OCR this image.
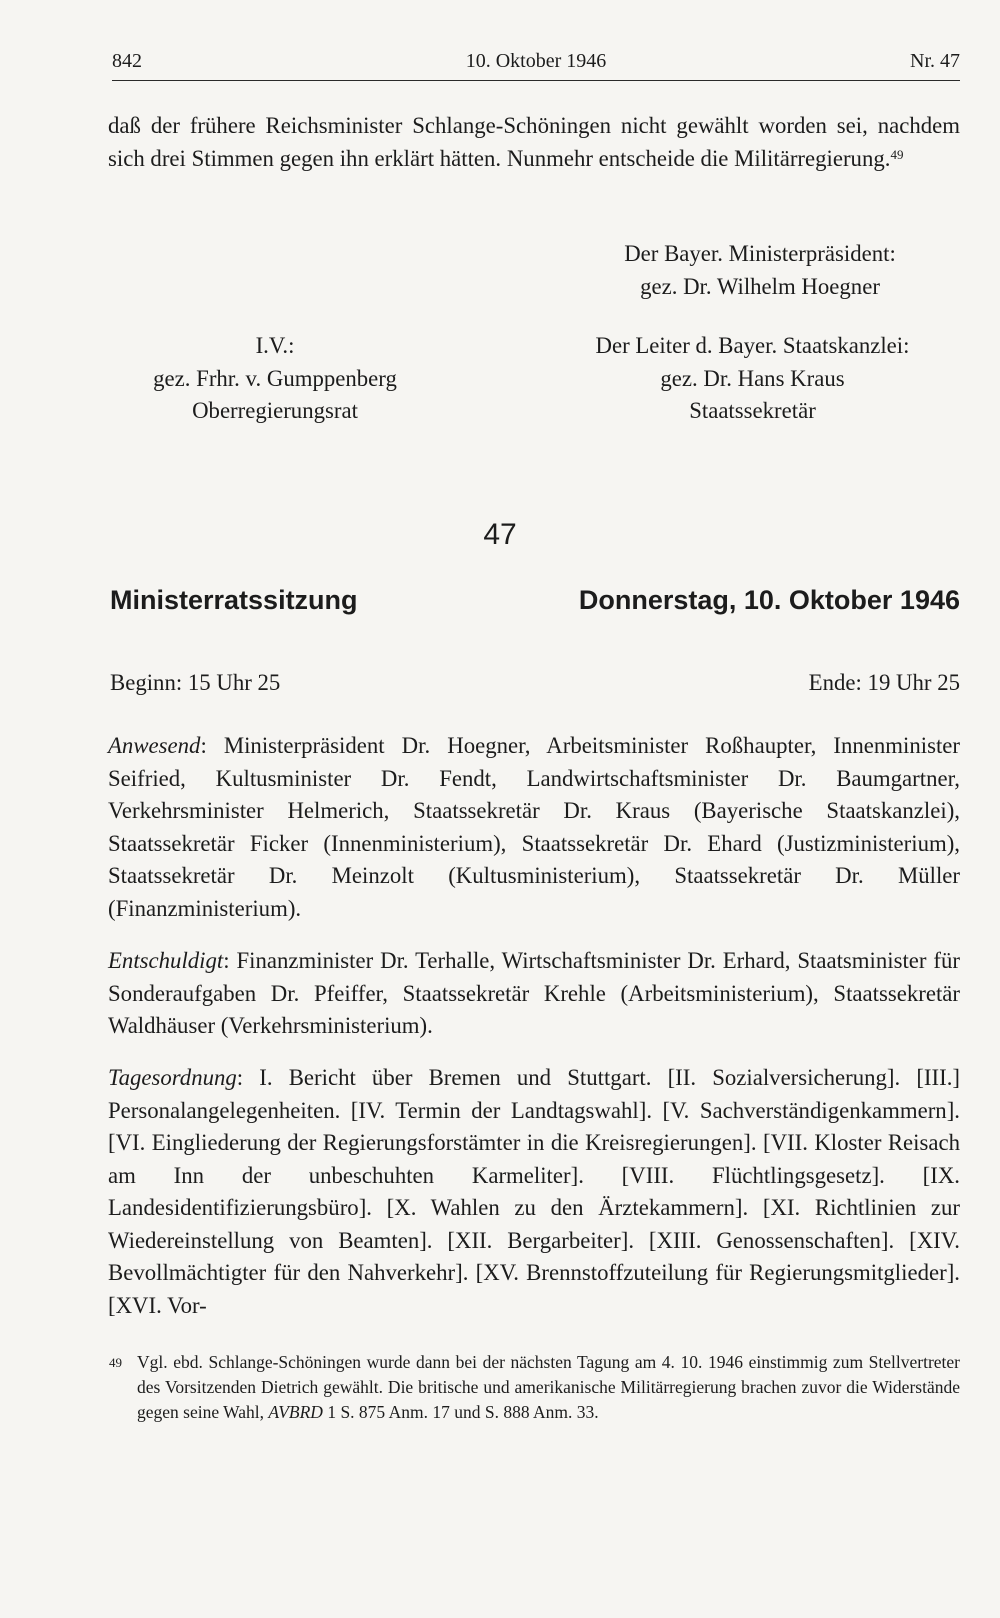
842	10. Oktober 1946	Nr. 47

daß der frühere Reichsminister Schlange-Schöningen nicht gewählt worden sei, nachdem sich drei Stimmen gegen ihn erklärt hätten. Nunmehr entscheide die Militärregierung.$^{49}$

Der Bayer. Ministerpräsident:
gez. Dr. Wilhelm Hoegner
I.V.:
gez. Frhr. v. Gumppenberg
Oberregierungsrat
Der Leiter d. Bayer. Staatskanzlei:
gez. Dr. Hans Kraus
Staatssekretär
47
Ministerratssitzung	Donnerstag, 10. Oktober 1946
Beginn: 15 Uhr 25	Ende: 19 Uhr 25

Anwesend: Ministerpräsident Dr. Hoegner, Arbeitsminister Roßhaupter, Innenminister Seifried, Kultusminister Dr. Fendt, Landwirtschaftsminister Dr. Baumgartner, Verkehrsminister Helmerich, Staatssekretär Dr. Kraus (Bayerische Staatskanzlei), Staatssekretär Ficker (Innenministerium), Staatssekretär Dr. Ehard (Justizministerium), Staatssekretär Dr. Meinzolt (Kultusministerium), Staatssekretär Dr. Müller (Finanzministerium).

Entschuldigt: Finanzminister Dr. Terhalle, Wirtschaftsminister Dr. Erhard, Staatsminister für Sonderaufgaben Dr. Pfeiffer, Staatssekretär Krehle (Arbeitsministerium), Staatssekretär Waldhäuser (Verkehrsministerium).

Tagesordnung: I. Bericht über Bremen und Stuttgart. [II. Sozialversicherung]. [III.] Personalangelegenheiten. [IV. Termin der Landtagswahl]. [V. Sachverständigenkammern]. [VI. Eingliederung der Regierungsforstämter in die Kreisregierungen]. [VII. Kloster Reisach am Inn der unbeschuhten Karmeliter]. [VIII. Flüchtlingsgesetz]. [IX. Landesidentifizierungsbüro]. [X. Wahlen zu den Ärztekammern]. [XI. Richtlinien zur Wiedereinstellung von Beamten]. [XII. Bergarbeiter]. [XIII. Genossenschaften]. [XIV. Bevollmächtigter für den Nahverkehr]. [XV. Brennstoffzuteilung für Regierungsmitglieder]. [XVI. Vor-

49 Vgl. ebd. Schlange-Schöningen wurde dann bei der nächsten Tagung am 4. 10. 1946 einstimmig zum Stellvertreter des Vorsitzenden Dietrich gewählt. Die britische und amerikanische Militärregierung brachen zuvor die Widerstände gegen seine Wahl, AVBRD 1 S. 875 Anm. 17 und S. 888 Anm. 33.
